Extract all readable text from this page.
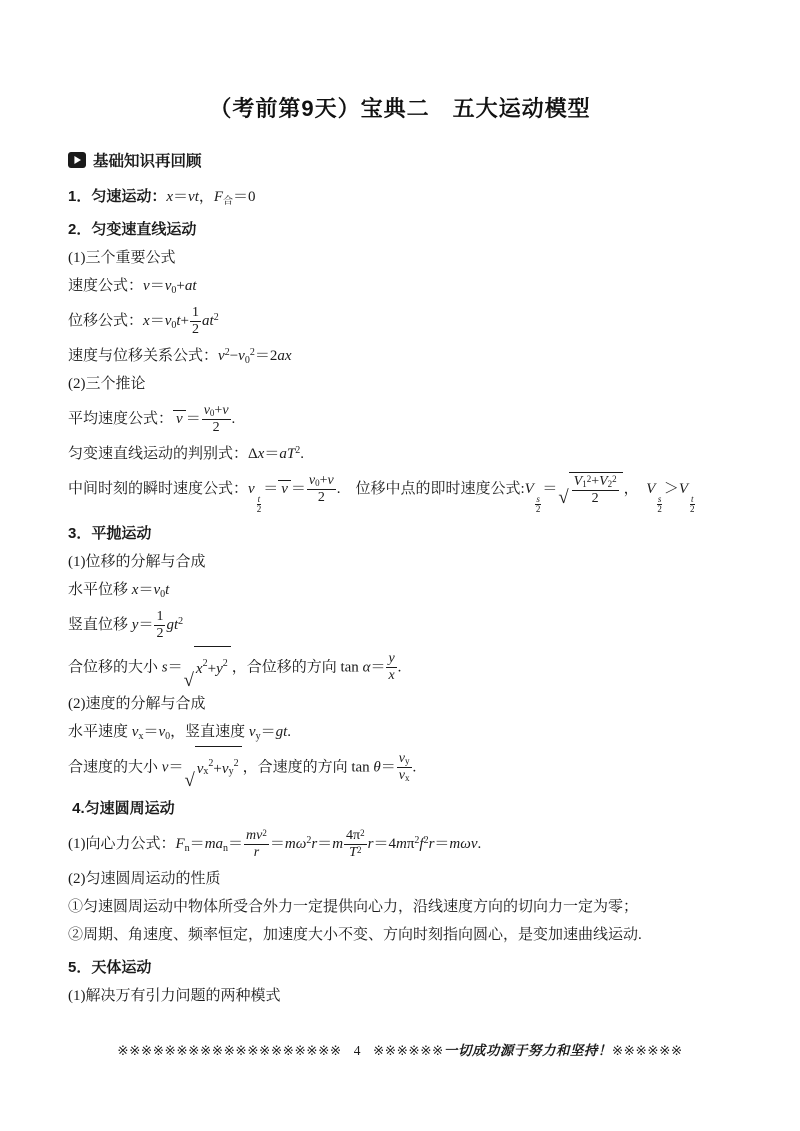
（考前第9天）宝典二　五大运动模型
基础知识再回顾
1．匀速运动：x＝vt，$F_合=0$
2．匀变速直线运动
(1)三个重要公式
速度公式：$v=v_0+at$
位移公式：$x=v_0t+ \frac{1}{2} at^2$
速度与位移关系公式：$v^2-v_0^2=2ax$
(2)三个推论
平均速度公式： $v = \frac{v0+v}{2}$ .
匀变速直线运动的判别式：$\Delta x=aT^2$.
中间时刻的瞬时速度公式：v
$\frac{t}{2}$
＝ $v = \frac{v0+v}{2}$ .　位移中点的即时速度公式:V
$\frac{s}{2}$
＝ √ $\frac{V1^2+V2^2}{2}$ ，　V
$\frac{s}{2}$
＞V
$\frac{t}{2}$
3．平抛运动
(1)位移的分解与合成
水平位移 $x=v_0t$
竖直位移 $y= \frac{1}{2} gt^2$
合位移的大小 s＝
√
x 2 + y 2 ，合位移的方向 $\tan \alpha= \frac{y}{x}$ .
(2)速度的分解与合成
水平速度 $v_x=v_0$，竖直速度 $v_y=gt$.
合速度的大小 v＝
√
v x
2 + v y
2 ，合速度的方向 $\tan \theta= \frac{vy}{vx}$ .
4.匀速圆周运动
(1)向心力公式：$F_n=ma_n= \frac{mv^2}{r} =m\omega^2r=m \frac{4\pi^2}{T^2} r=4m\pi^2f^2r=m\omega v$.
(2)匀速圆周运动的性质
①匀速圆周运动中物体所受合外力一定提供向心力，沿线速度方向的切向力一定为零；
②周期、角速度、频率恒定，加速度大小不变、方向时刻指向圆心，是变加速曲线运动.
5．天体运动
(1)解决万有引力问题的两种模式
※※※※※※※※※※※※※※※※※※※ 4 ※※※※※※一切成功源于努力和坚持！※※※※※※
